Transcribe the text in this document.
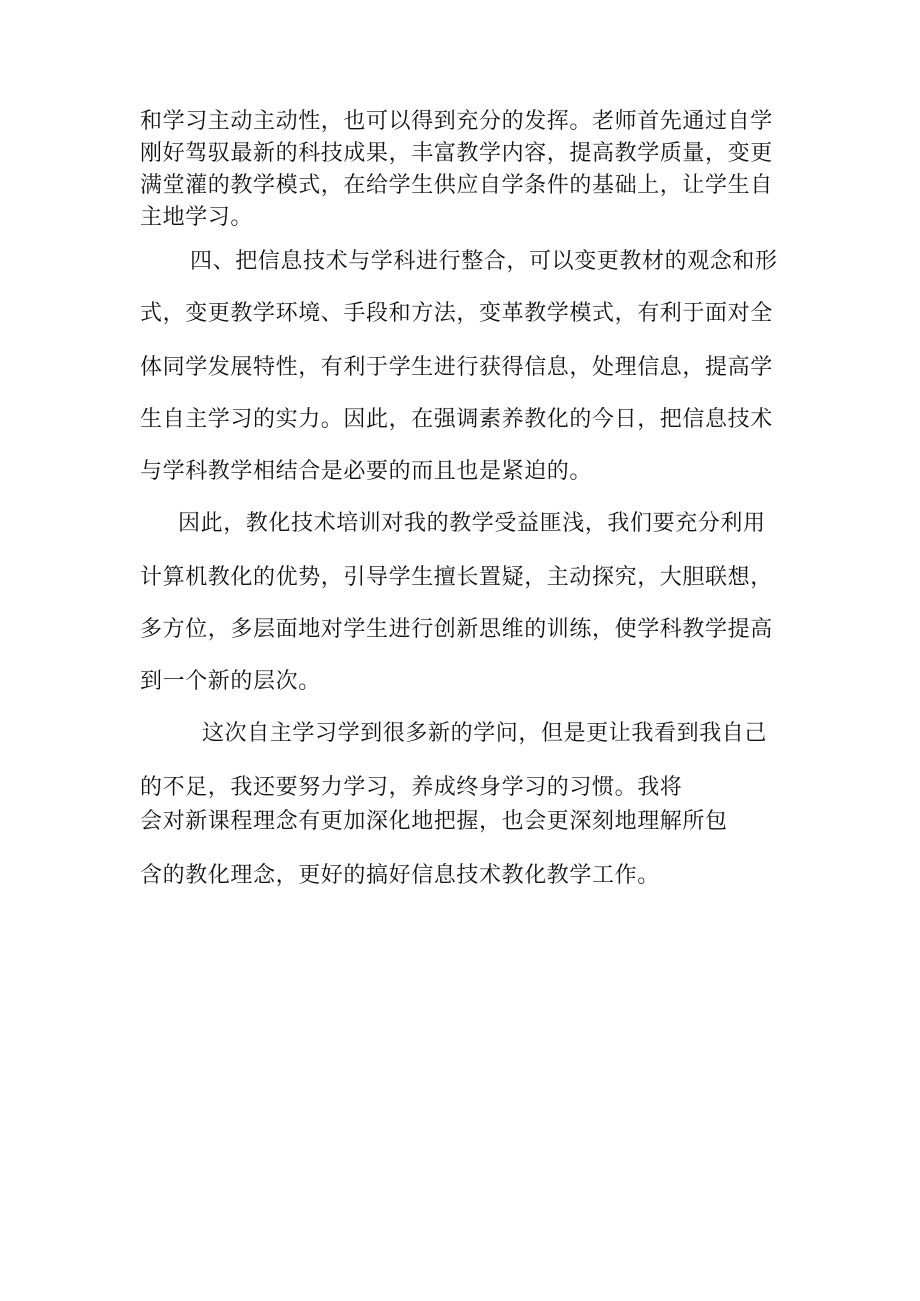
和学习主动主动性，也可以得到充分的发挥。老师首先通过自学
刚好驾驭最新的科技成果，丰富教学内容，提高教学质量，变更
满堂灌的教学模式，在给学生供应自学条件的基础上，让学生自
主地学习。
四、把信息技术与学科进行整合，可以变更教材的观念和形
式，变更教学环境、手段和方法，变革教学模式，有利于面对全
体同学发展特性，有利于学生进行获得信息，处理信息，提高学
生自主学习的实力。因此，在强调素养教化的今日，把信息技术
与学科教学相结合是必要的而且也是紧迫的。
因此，教化技术培训对我的教学受益匪浅，我们要充分利用
计算机教化的优势，引导学生擅长置疑，主动探究，大胆联想，
多方位，多层面地对学生进行创新思维的训练，使学科教学提高
到一个新的层次。
这次自主学习学到很多新的学问，但是更让我看到我自己
的不足，我还要努力学习，养成终身学习的习惯。我将
会对新课程理念有更加深化地把握，也会更深刻地理解所包
含的教化理念，更好的搞好信息技术教化教学工作。
